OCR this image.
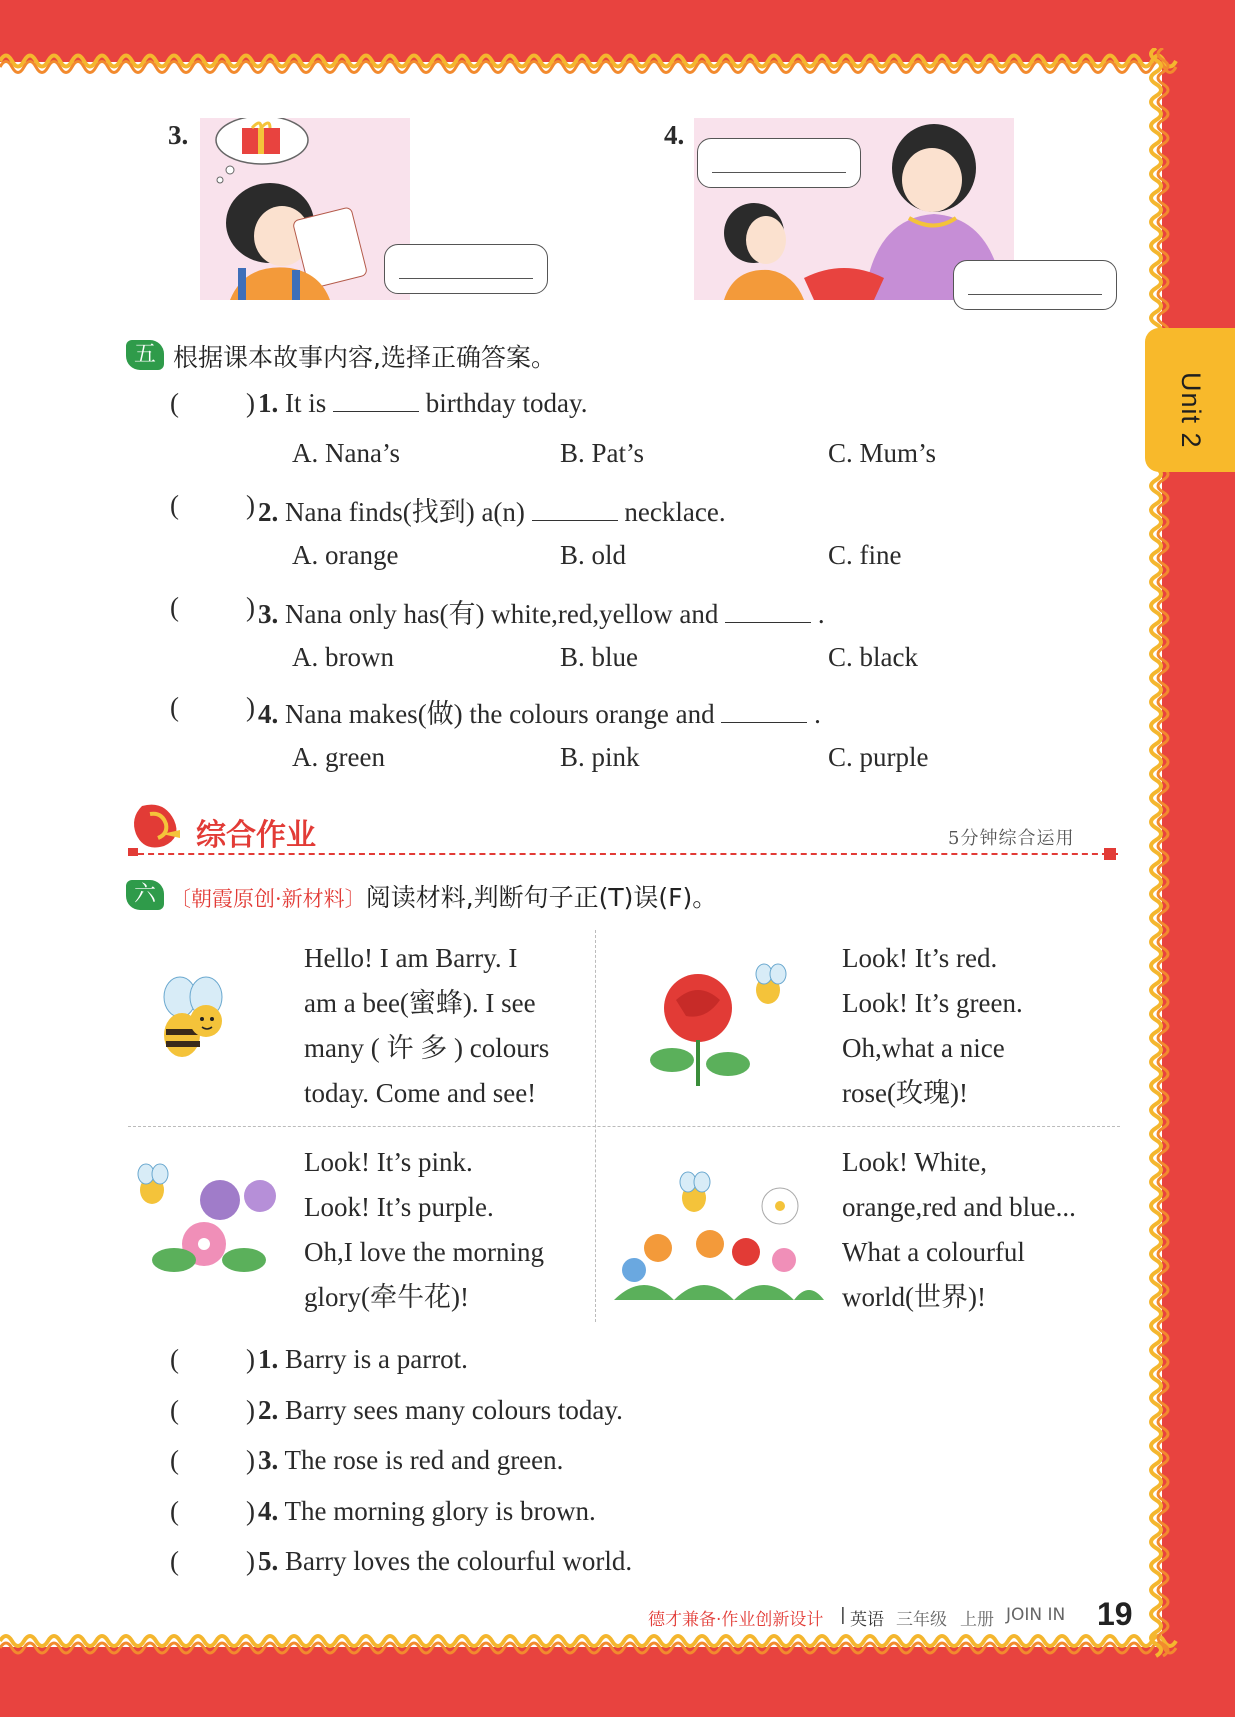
Unit 2
3.	4.
五 根据课本故事内容,选择正确答案。
( ) 1. It is	birthday today.
A. Nana’s	B. Pat’s	C. Mum’s
( ) 2. Nana finds(找到) a(n)	necklace.
A. orange	B. old	C. fine
( ) 3. Nana only has(有) white,red,yellow and	.
A. brown	B. blue	C. black
( ) 4. Nana makes(做) the colours orange and	.
A. green	B. pink	C. purple
综合作业	5分钟综合运用
六 〔朝霞原创·新材料〕阅读材料,判断句子正(T)误(F)。
Hello! I am Barry. I
am a bee(蜜蜂). I see
many ( 许 多 ) colours
today. Come and see!
Look! It’s red.
Look! It’s green.
Oh,what a nice
rose(玫瑰)!
Look! It’s pink.
Look! It’s purple.
Oh,I love the morning
glory(牵牛花)!
Look! White,
orange,red and blue...
What a colourful
world(世界)!
( ) 1. Barry is a parrot.
( ) 2. Barry sees many colours today.
( ) 3. The rose is red and green.
( ) 4. The morning glory is brown.
( ) 5. Barry loves the colourful world.
德才兼备·作业创新设计 | 英语 三年级 上册 JOIN IN 19
